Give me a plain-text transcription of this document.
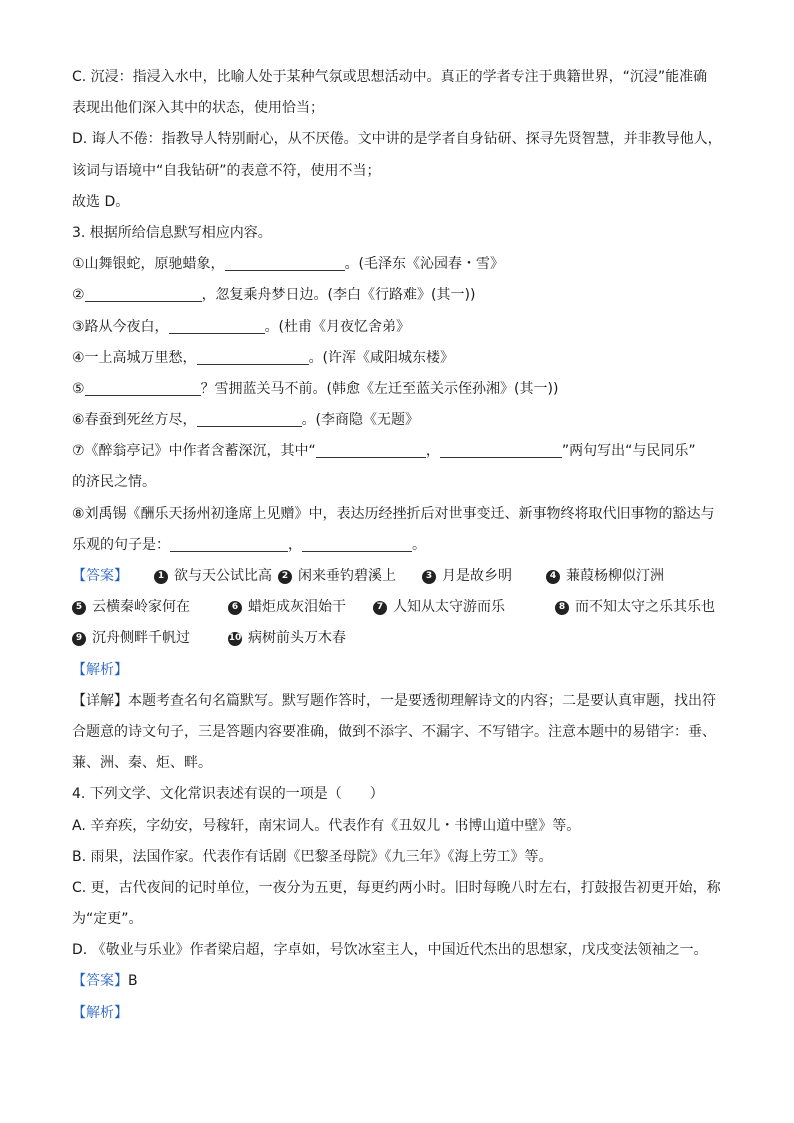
C. 沉浸：指浸入水中，比喻人处于某种气氛或思想活动中。真正的学者专注于典籍世界，“沉浸”能准确
表现出他们深入其中的状态，使用恰当；
D. 诲人不倦：指教导人特别耐心，从不厌倦。文中讲的是学者自身钻研、探寻先贤智慧，并非教导他人，
该词与语境中“自我钻研”的表意不符，使用不当；
故选 D。
3. 根据所给信息默写相应内容。
①山舞银蛇，原驰蜡象，	。(毛泽东《沁园春・雪》
②	，忽复乘舟梦日边。(李白《行路难》(其一))
③路从今夜白，	。(杜甫《月夜忆舍弟》
④一上高城万里愁，	。(许浑《咸阳城东楼》
⑤	？雪拥蓝关马不前。(韩愈《左迁至蓝关示侄孙湘》(其一))
⑥春蚕到死丝方尽，	。(李商隐《无题》
⑦《醉翁亭记》中作者含蓄深沉，其中“	，	”两句写出“与民同乐”
的济民之情。
⑧刘禹锡《酬乐天扬州初逢席上见赠》中，表达历经挫折后对世事变迁、新事物终将取代旧事物的豁达与
乐观的句子是：	，	。
【答案】	1 欲与天公试比高	2 闲来垂钓碧溪上	3 月是故乡明	4 蒹葭杨柳似汀洲
5 云横秦岭家何在	6 蜡炬成灰泪始干	7 人知从太守游而乐	8 而不知太守之乐其乐也
9 沉舟侧畔千帆过	10 病树前头万木春
【解析】
【详解】本题考查名句名篇默写。默写题作答时，一是要透彻理解诗文的内容；二是要认真审题，找出符
合题意的诗文句子，三是答题内容要准确，做到不添字、不漏字、不写错字。注意本题中的易错字：垂、
蒹、洲、秦、炬、畔。
4. 下列文学、文化常识表述有误的一项是（　　）
A. 辛弃疾，字幼安，号稼轩，南宋词人。代表作有《丑奴儿・书博山道中壁》等。
B. 雨果，法国作家。代表作有话剧《巴黎圣母院》《九三年》《海上劳工》等。
C. 更，古代夜间的记时单位，一夜分为五更，每更约两小时。旧时每晚八时左右，打鼓报告初更开始，称
为“定更”。
D. 《敬业与乐业》作者梁启超，字卓如，号饮冰室主人，中国近代杰出的思想家，戊戌变法领袖之一。
【答案】B
【解析】
